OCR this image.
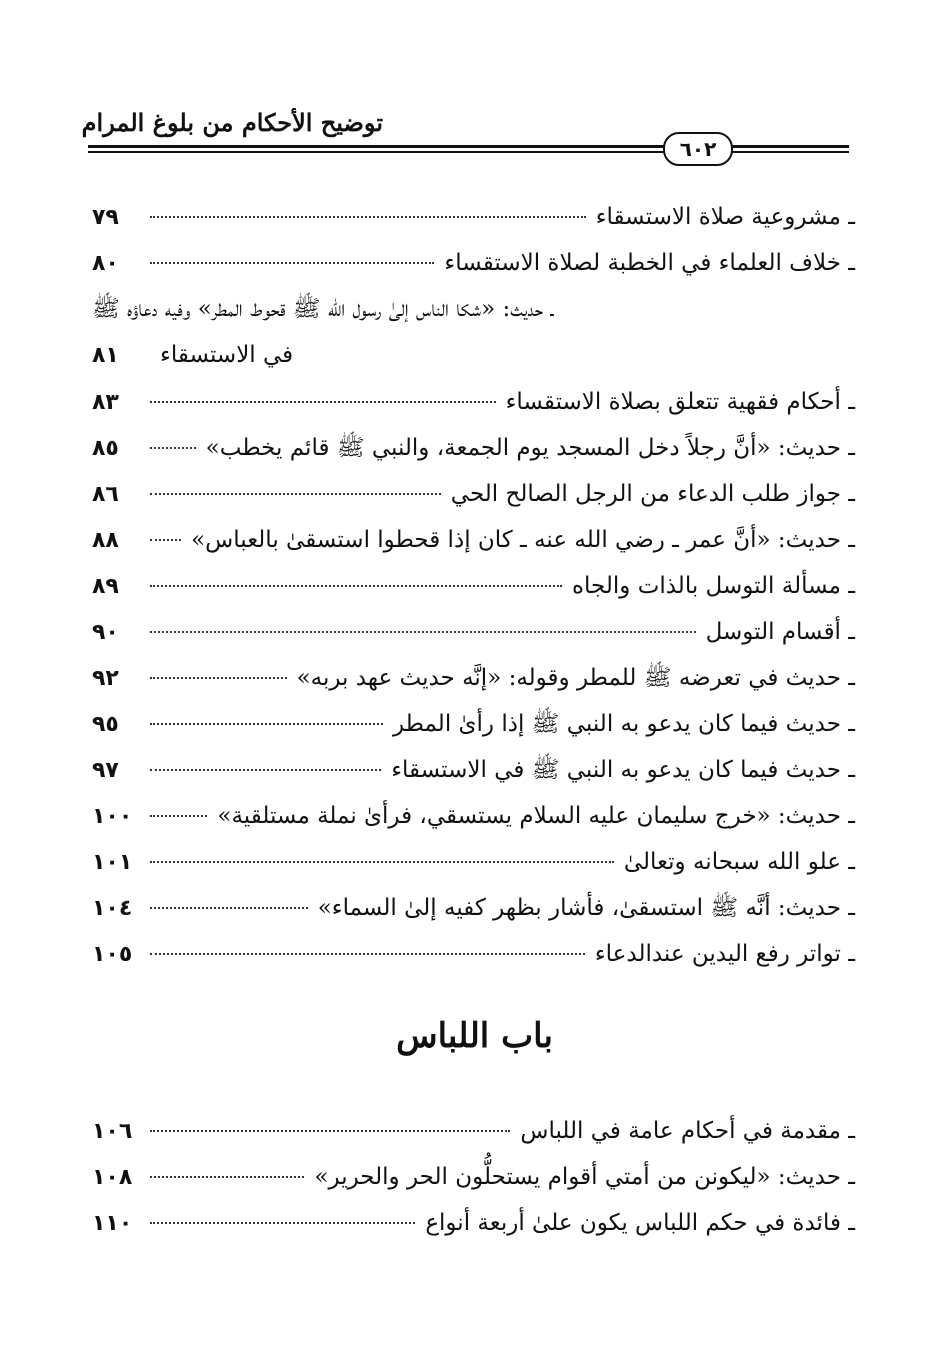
توضيح الأحكام من بلوغ المرام
٦٠٢
ـ مشروعية صلاة الاستسقاء
٧٩
ـ خلاف العلماء في الخطبة لصلاة الاستقساء
٨٠
ـ حديث: «شكا الناس إلىٰ رسول الله ﷺ قحوط المطر» وفيه دعاؤه ﷺ
في الاستسقاء
٨١
ـ أحكام فقهية تتعلق بصلاة الاستقساء
٨٣
ـ حديث: «أنَّ رجلاً دخل المسجد يوم الجمعة، والنبي ﷺ قائم يخطب»
٨٥
ـ جواز طلب الدعاء من الرجل الصالح الحي
٨٦
ـ حديث: «أنَّ عمر ـ رضي الله عنه ـ كان إذا قحطوا استسقىٰ بالعباس»
٨٨
ـ مسألة التوسل بالذات والجاه
٨٩
ـ أقسام التوسل
٩٠
ـ حديث في تعرضه ﷺ للمطر وقوله: «إنَّه حديث عهد بربه»
٩٢
ـ حديث فيما كان يدعو به النبي ﷺ إذا رأىٰ المطر
٩٥
ـ حديث فيما كان يدعو به النبي ﷺ في الاستسقاء
٩٧
ـ حديث: «خرج سليمان عليه السلام يستسقي، فرأىٰ نملة مستلقية»
١٠٠
ـ علو الله سبحانه وتعالىٰ
١٠١
ـ حديث: أنَّه ﷺ استسقىٰ، فأشار بظهر كفيه إلىٰ السماء»
١٠٤
ـ تواتر رفع اليدين عندالدعاء
١٠٥
باب اللباس
ـ مقدمة في أحكام عامة في اللباس
١٠٦
ـ حديث: «ليكونن من أمتي أقوام يستحلُّون الحر والحرير»
١٠٨
ـ فائدة في حكم اللباس يكون علىٰ أربعة أنواع
١١٠
